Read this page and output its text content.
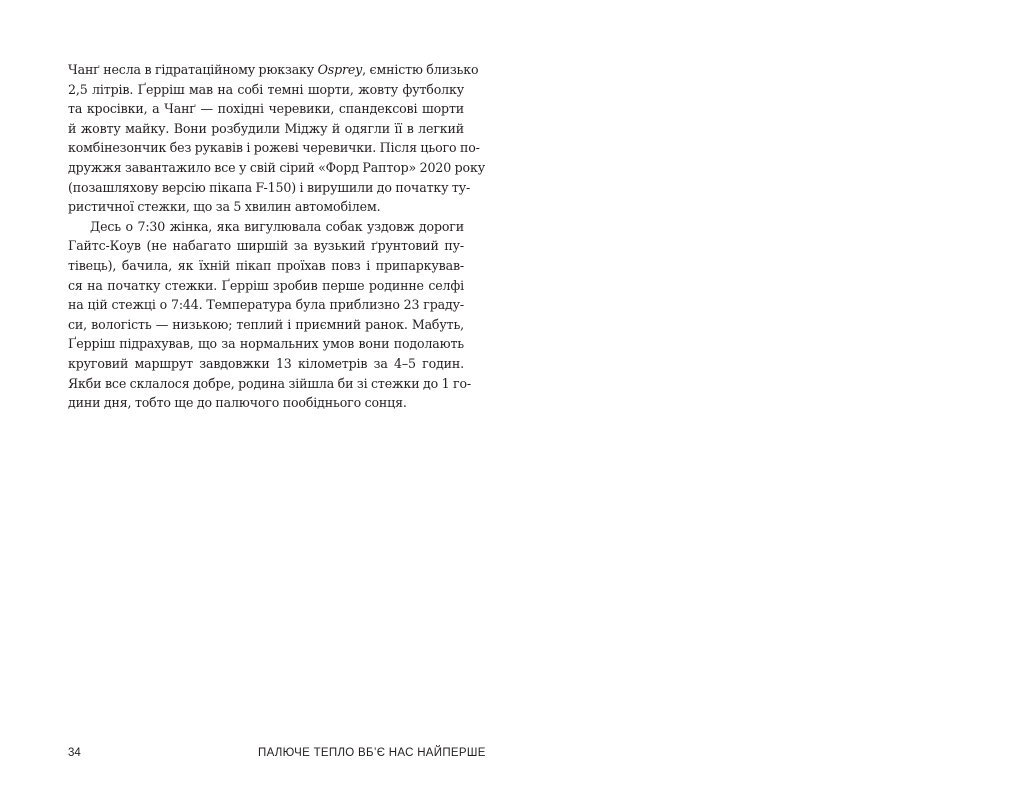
Чанґ несла в гідратаційному рюкзаку Osprey, ємністю близько
2,5 літрів. Ґерріш мав на собі темні шорти, жовту футболку
та кросівки, а Чанґ — похідні черевики, спандексові шорти
й жовту майку. Вони розбудили Міджу й одягли її в легкий
комбінезончик без рукавів і рожеві черевички. Після цього по-
дружжя завантажило все у свій сірий «Форд Раптор» 2020 року
(позашляхову версію пікапа F-150) і вирушили до початку ту-
ристичної стежки, що за 5 хвилин автомобілем.
Десь о 7:30 жінка, яка вигулювала собак уздовж дороги
Гайтс-Коув (не набагато ширшій за вузький ґрунтовий пу-
тівець), бачила, як їхній пікап проїхав повз і припаркував-
ся на початку стежки. Ґерріш зробив перше родинне селфі
на цій стежці о 7:44. Температура була приблизно 23 граду-
си, вологість — низькою; теплий і приємний ранок. Мабуть,
Ґерріш підрахував, що за нормальних умов вони подолають
круговий маршрут завдовжки 13 кілометрів за 4–5 годин.
Якби все склалося добре, родина зійшла би зі стежки до 1 го-
дини дня, тобто ще до палючого пообіднього сонця.
34	ПАЛЮЧЕ ТЕПЛО ВБ’Є НАС НАЙПЕРШЕ
